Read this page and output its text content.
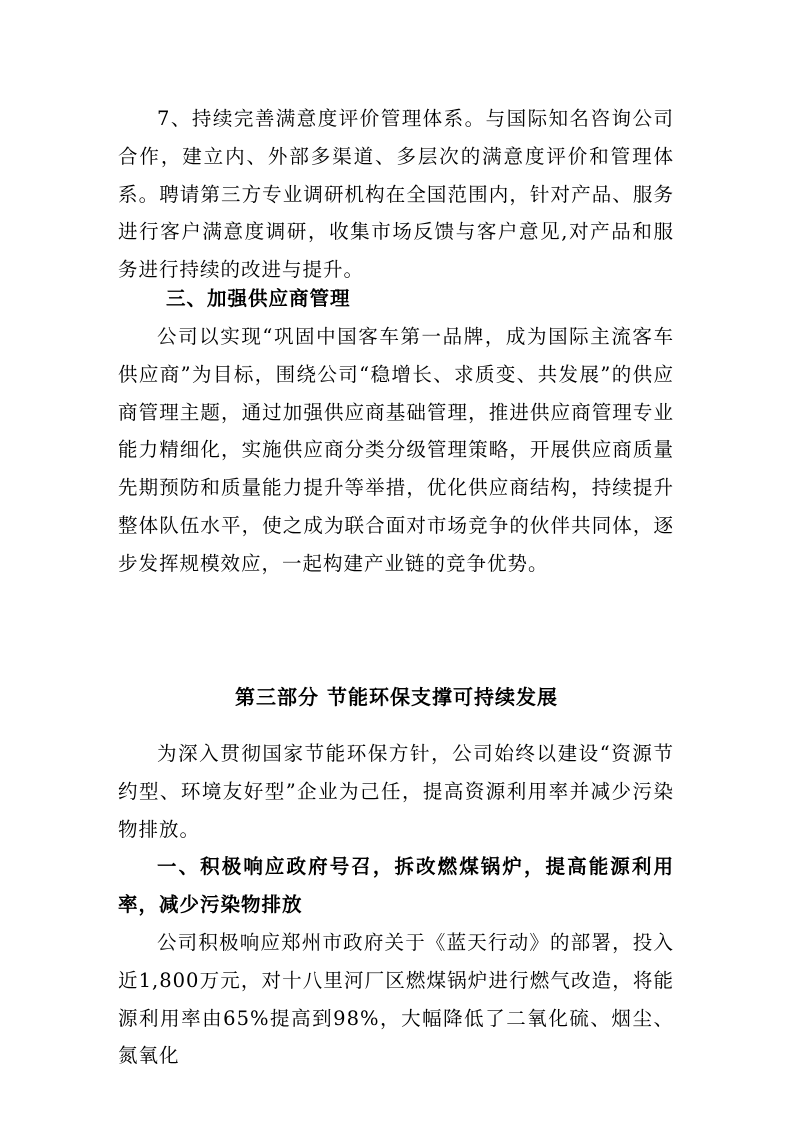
7、持续完善满意度评价管理体系。与国际知名咨询公司合作，建立内、外部多渠道、多层次的满意度评价和管理体系。聘请第三方专业调研机构在全国范围内，针对产品、服务进行客户满意度调研，收集市场反馈与客户意见,对产品和服务进行持续的改进与提升。

三、加强供应商管理

公司以实现“巩固中国客车第一品牌，成为国际主流客车供应商”为目标，围绕公司“稳增长、求质变、共发展”的供应商管理主题，通过加强供应商基础管理，推进供应商管理专业能力精细化，实施供应商分类分级管理策略，开展供应商质量先期预防和质量能力提升等举措，优化供应商结构，持续提升整体队伍水平，使之成为联合面对市场竞争的伙伴共同体，逐步发挥规模效应，一起构建产业链的竞争优势。

第三部分 节能环保支撑可持续发展

为深入贯彻国家节能环保方针，公司始终以建设“资源节约型、环境友好型”企业为己任，提高资源利用率并减少污染物排放。

一、积极响应政府号召，拆改燃煤锅炉，提高能源利用率，减少污染物排放

公司积极响应郑州市政府关于《蓝天行动》的部署，投入近1,800万元，对十八里河厂区燃煤锅炉进行燃气改造，将能源利用率由65%提高到98%，大幅降低了二氧化硫、烟尘、氮氧化
